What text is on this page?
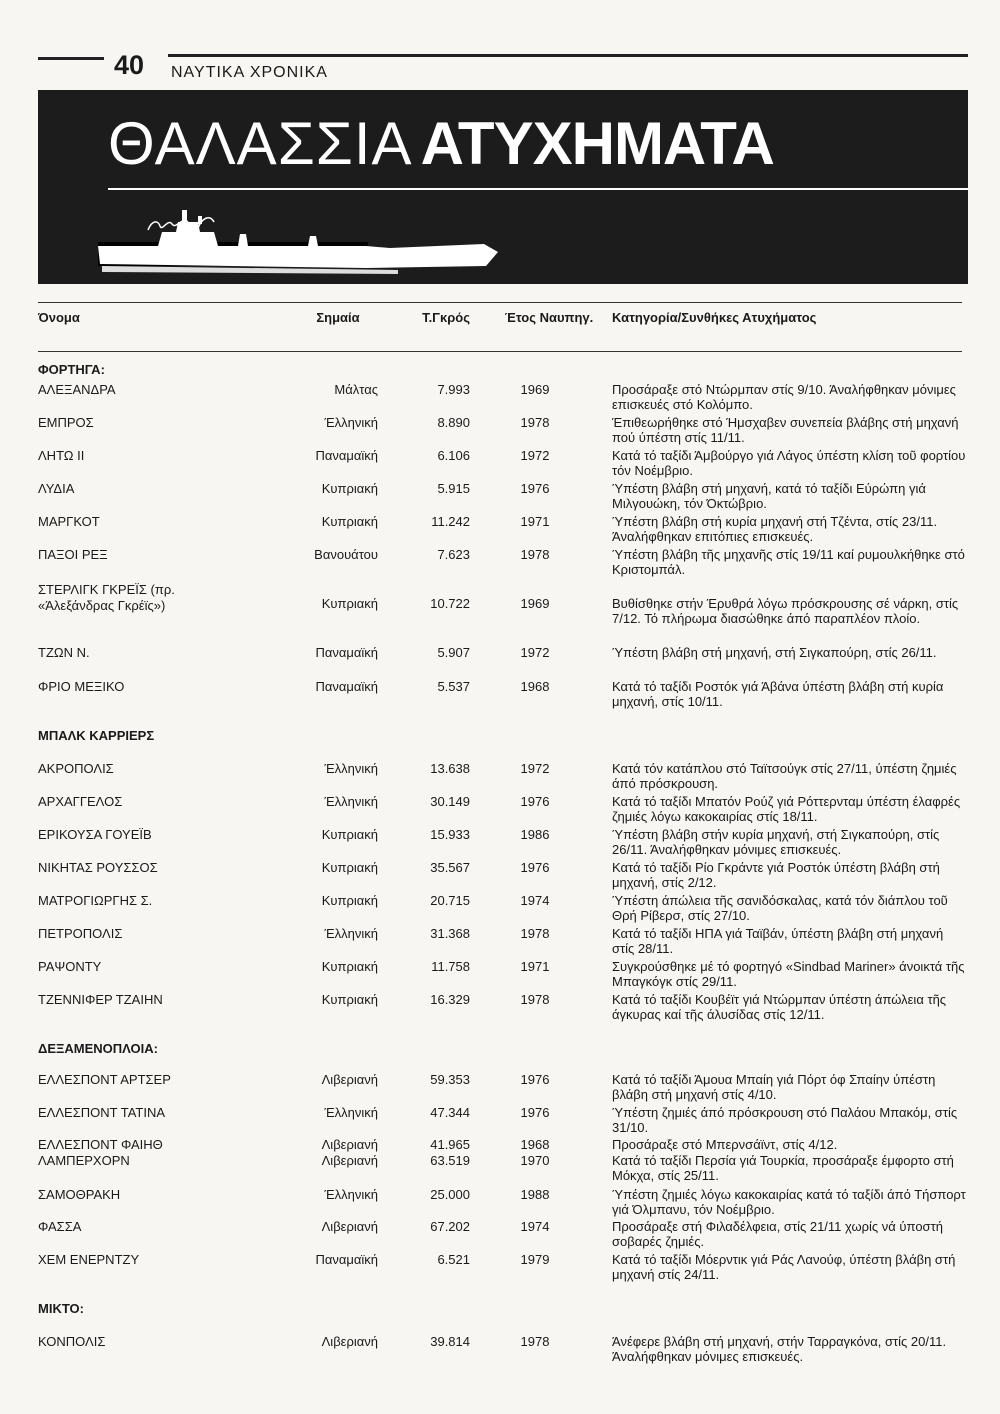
40 ΝΑΥΤΙΚΑ ΧΡΟΝΙΚΑ
ΘΑΛΑΣΣΙΑ ΑΤΥΧΗΜΑΤΑ
Όνομα	Σημαία	Τ.Γκρός	Έτος Ναυπηγ.	Κατηγορία/Συνθήκες Ατυχήματος
ΦΟΡΤΗΓΑ:
ΑΛΕΞΑΝΔΡΑ	Μάλτας	7.993	1969	Προσάραξε στό Ντώρμπαν στίς 9/10. Άναλήφθηκαν μόνιμες επισκευές στό Κολόμπο.
ΕΜΠΡΟΣ	Έλληνική	8.890	1978	Έπιθεωρήθηκε στό Ήμσχαβεν συνεπεία βλάβης στή μηχανή πού ύπέστη στίς 11/11.
ΛΗΤΩ ΙΙ	Παναμαϊκή	6.106	1972	Κατά τό ταξίδι Άμβούργο γιά Λάγος ύπέστη κλίση τοῦ φορτίου τόν Νοέμβριο.
ΛΥΔΙΑ	Κυπριακή	5.915	1976	Ύπέστη βλάβη στή μηχανή, κατά τό ταξίδι Εύρώπη γιά Μιλγουώκη, τόν Όκτώβριο.
ΜΑΡΓΚΟΤ	Κυπριακή	11.242	1971	Ύπέστη βλάβη στή κυρία μηχανή στή Τζέντα, στίς 23/11. Άναλήφθηκαν επιτόπιες επισκευές.
ΠΑΞΟΙ ΡΕΞ	Βανουάτου	7.623	1978	Ύπέστη βλάβη τῆς μηχανῆς στίς 19/11 καί ρυμουλκήθηκε στό Κριστομπάλ.
ΣΤΕΡΛΙΓΚ ΓΚΡΕΪΣ (πρ. «Άλεξάνδρας Γκρέϊς»)	Κυπριακή	10.722	1969	Βυθίσθηκε στήν Έρυθρά λόγω πρόσκρουσης σέ νάρκη, στίς 7/12. Τό πλήρωμα διασώθηκε άπό παραπλέον πλοίο.
ΤΖΩΝ Ν.	Παναμαϊκή	5.907	1972	Ύπέστη βλάβη στή μηχανή, στή Σιγκαπούρη, στίς 26/11.
ΦΡΙΟ ΜΕΞΙΚΟ	Παναμαϊκή	5.537	1968	Κατά τό ταξίδι Ροστόκ γιά Άβάνα ύπέστη βλάβη στή κυρία μηχανή, στίς 10/11.
ΜΠΑΛΚ ΚΑΡΡΙΕΡΣ
ΑΚΡΟΠΟΛΙΣ	Έλληνική	13.638	1972	Κατά τόν κατάπλου στό Ταϊτσούγκ στίς 27/11, ύπέστη ζημιές άπό πρόσκρουση.
ΑΡΧΑΓΓΕΛΟΣ	Έλληνική	30.149	1976	Κατά τό ταξίδι Μπατόν Ρούζ γιά Ρόττερνταμ ύπέστη έλαφρές ζημιές λόγω κακοκαιρίας στίς 18/11.
ΕΡΙΚΟΥΣΑ ΓΟΥΕΪΒ	Κυπριακή	15.933	1986	Ύπέστη βλάβη στήν κυρία μηχανή, στή Σιγκαπούρη, στίς 26/11. Άναλήφθηκαν μόνιμες επισκευές.
ΝΙΚΗΤΑΣ ΡΟΥΣΣΟΣ	Κυπριακή	35.567	1976	Κατά τό ταξίδι Ρίο Γκράντε γιά Ροστόκ ύπέστη βλάβη στή μηχανή, στίς 2/12.
ΜΑΤΡΟΓΙΩΡΓΗΣ Σ.	Κυπριακή	20.715	1974	Ύπέστη άπώλεια τῆς σανιδόσκαλας, κατά τόν διάπλου τοῦ Θρή Ρίβερσ, στίς 27/10.
ΠΕΤΡΟΠΟΛΙΣ	Έλληνική	31.368	1978	Κατά τό ταξίδι ΗΠΑ γιά Ταϊβάν, ύπέστη βλάβη στή μηχανή στίς 28/11.
ΡΑΨΟΝΤΥ	Κυπριακή	11.758	1971	Συγκρούσθηκε μέ τό φορτηγό «Sindbad Mariner» άνοικτά τῆς Μπαγκόγκ στίς 29/11.
ΤΖΕΝΝΙΦΕΡ ΤΖΑΙΗΝ	Κυπριακή	16.329	1978	Κατά τό ταξίδι Κουβέϊτ γιά Ντώρμπαν ύπέστη άπώλεια τῆς άγκυρας καί τῆς άλυσίδας στίς 12/11.
ΔΕΞΑΜΕΝΟΠΛΟΙΑ:
ΕΛΛΕΣΠΟΝΤ ΑΡΤΣΕΡ	Λιβεριανή	59.353	1976	Κατά τό ταξίδι Άμουα Μπαίη γιά Πόρτ όφ Σπαίην ύπέστη βλάβη στή μηχανή στίς 4/10.
ΕΛΛΕΣΠΟΝΤ ΤΑΤΙΝΑ	Έλληνική	47.344	1976	Ύπέστη ζημιές άπό πρόσκρουση στό Παλάου Μπακόμ, στίς 31/10.
ΕΛΛΕΣΠΟΝΤ ΦΑΙΗΘ	Λιβεριανή	41.965	1968	Προσάραξε στό Μπερνσάϊντ, στίς 4/12.
ΛΑΜΠΕΡΧΟΡΝ	Λιβεριανή	63.519	1970	Κατά τό ταξίδι Περσία γιά Τουρκία, προσάραξε έμφορτο στή Μόκχα, στίς 25/11.
ΣΑΜΟΘΡΑΚΗ	Έλληνική	25.000	1988	Ύπέστη ζημιές λόγω κακοκαιρίας κατά τό ταξίδι άπό Τήσπορτ γιά Όλμπανυ, τόν Νοέμβριο.
ΦΑΣΣΑ	Λιβεριανή	67.202	1974	Προσάραξε στή Φιλαδέλφεια, στίς 21/11 χωρίς νά ύποστή σοβαρές ζημιές.
ΧΕΜ ΕΝΕΡΝΤΖΥ	Παναμαϊκή	6.521	1979	Κατά τό ταξίδι Μόερντικ γιά Ράς Λανούφ, ύπέστη βλάβη στή μηχανή στίς 24/11.
ΜΙΚΤΟ:
ΚΟΝΠΟΛΙΣ	Λιβεριανή	39.814	1978	Άνέφερε βλάβη στή μηχανή, στήν Ταρραγκόνα, στίς 20/11. Άναλήφθηκαν μόνιμες επισκευές.
